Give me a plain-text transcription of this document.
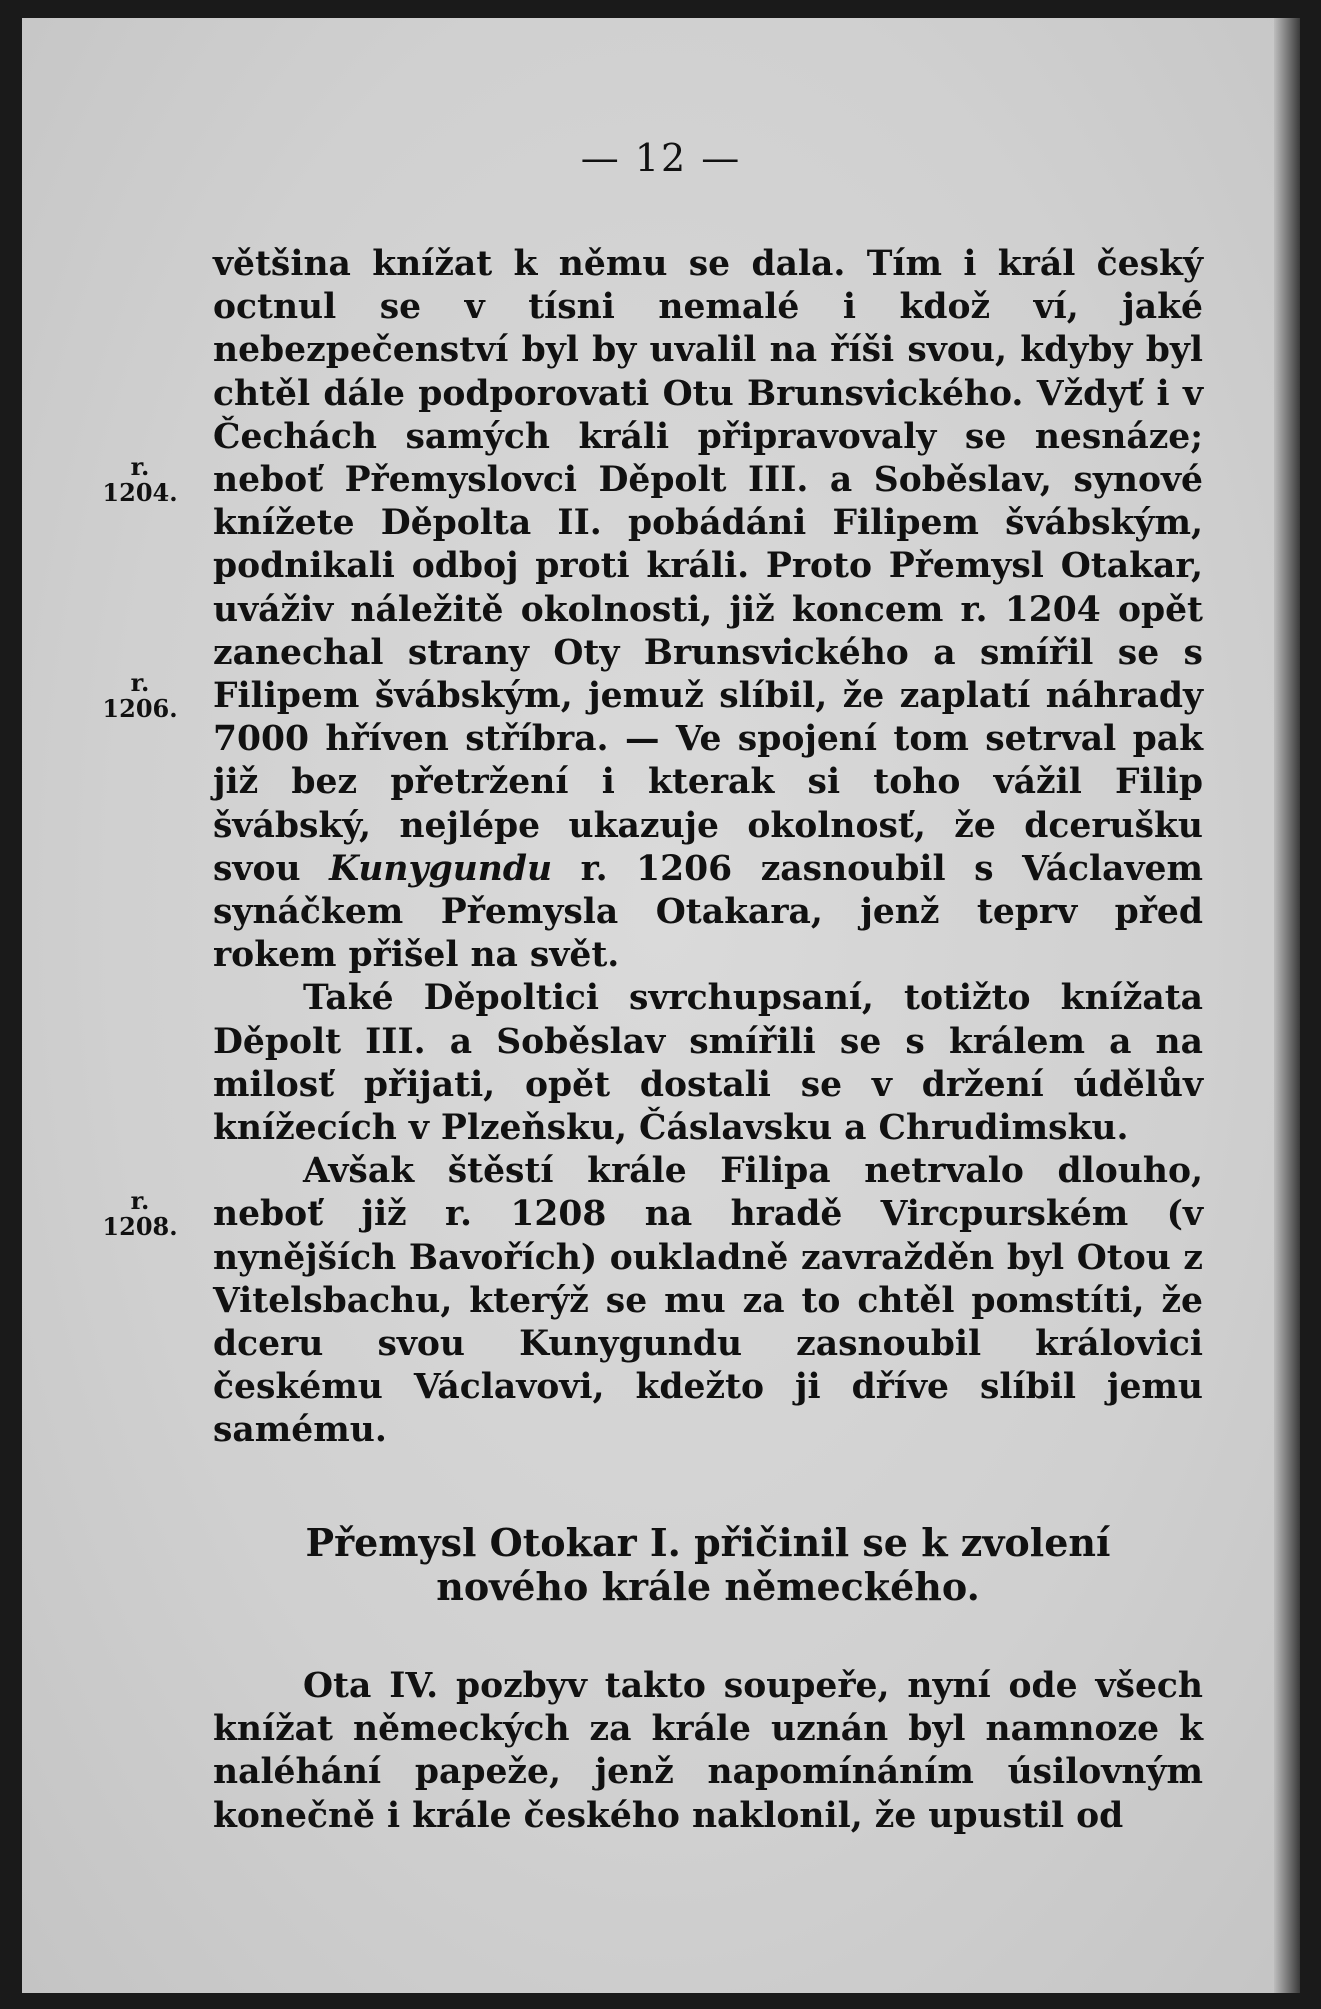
— 12 —
r.
1204.
r.
1206.
r.
1208.

většina knížat k němu se dala. Tím i král český octnul se v tísni nemalé i kdož ví, jaké nebezpečenství byl by uvalil na říši svou, kdyby byl chtěl dále podporovati Otu Brunsvického. Vždyť i v Čechách samých králi připravovaly se nesnáze; neboť Přemyslovci Děpolt III. a Soběslav, synové knížete Děpolta II. pobádáni Filipem švábským, podnikali odboj proti králi. Proto Přemysl Otakar, uváživ náležitě okolnosti, již koncem r. 1204 opět zanechal strany Oty Brunsvického a smířil se s Filipem švábským, jemuž slíbil, že zaplatí náhrady 7000 hříven stříbra. — Ve spojení tom setrval pak již bez přetržení i kterak si toho vážil Filip švábský, nejlépe ukazuje okolnosť, že dcerušku svou Kunygundu r. 1206 zasnoubil s Václavem synáčkem Přemysla Otakara, jenž teprv před rokem přišel na svět.

Také Děpoltici svrchupsaní, totižto knížata Děpolt III. a Soběslav smířili se s králem a na milosť přijati, opět dostali se v držení údělův knížecích v Plzeňsku, Čáslavsku a Chrudimsku.

Avšak štěstí krále Filipa netrvalo dlouho, neboť již r. 1208 na hradě Vircpurském (v nynějších Bavořích) oukladně zavražděn byl Otou z Vitelsbachu, kterýž se mu za to chtěl pomstíti, že dceru svou Kunygundu zasnoubil královici českému Václavovi, kdežto ji dříve slíbil jemu samému.

Přemysl Otokar I. přičinil se k zvolení
nového krále německého.

Ota IV. pozbyv takto soupeře, nyní ode všech knížat německých za krále uznán byl namnoze k naléhání papeže, jenž napomínáním úsilovným konečně i krále českého naklonil, že upustil od
